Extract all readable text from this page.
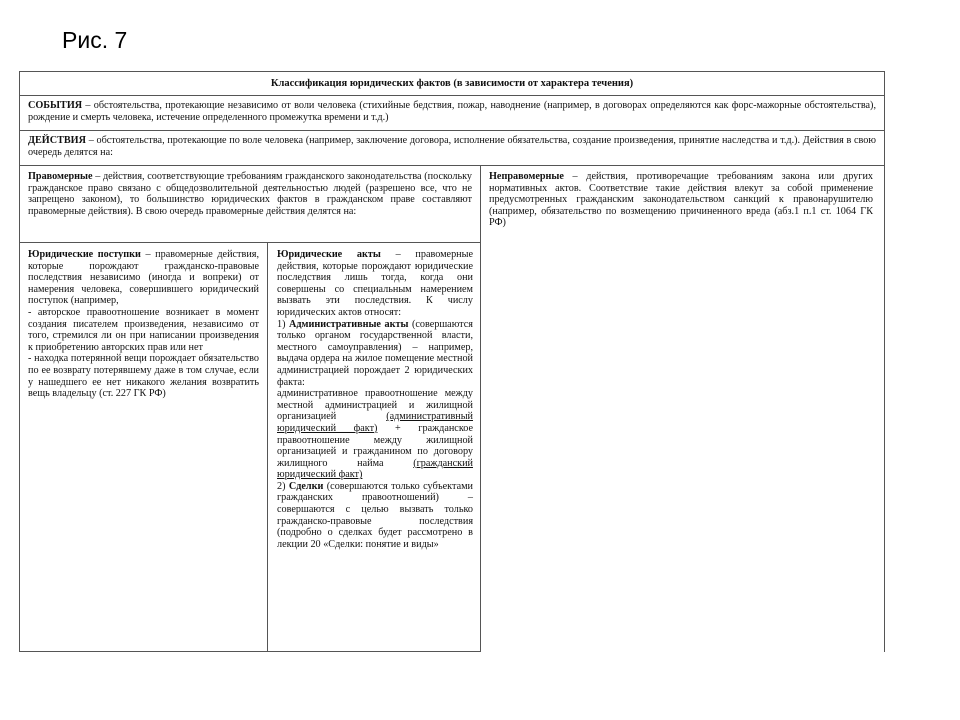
Рис. 7
Классификация юридических фактов (в зависимости от характера течения)
СОБЫТИЯ – обстоятельства, протекающие независимо от воли человека (стихийные бедствия, пожар, наводнение (например, в договорах определяются как форс-мажорные обстоятельства), рождение и смерть человека, истечение определенного промежутка времени и т.д.)
ДЕЙСТВИЯ – обстоятельства, протекающие по воле человека (например, заключение договора, исполнение обязательства, создание произведения, принятие наследства и т.д.). Действия в свою очередь делятся на:
Правомерные – действия, соответствующие требованиям гражданского законодательства (поскольку гражданское право связано с общедозволительной деятельностью людей (разрешено все, что не запрещено законом), то большинство юридических фактов в гражданском праве составляют правомерные действия). В свою очередь правомерные действия делятся на:
Неправомерные – действия, противоречащие требованиям закона или других нормативных актов. Соответствие такие действия влекут за собой применение предусмотренных гражданским законодательством санкций к правонарушителю (например, обязательство по возмещению причиненного вреда (абз.1 п.1 ст. 1064 ГК РФ)

Юридические поступки – правомерные действия, которые порождают гражданско-правовые последствия независимо (иногда и вопреки) от намерения человека, совершившего юридический поступок (например,

- авторское правоотношение возникает в момент создания писателем произведения, независимо от того, стремился ли он при написании произведения к приобретению авторских прав или нет

- находка потерянной вещи порождает обязательство по ее возврату потерявшему даже в том случае, если у нашедшего ее нет никакого желания возвратить вещь владельцу (ст. 227 ГК РФ)

Юридические акты – правомерные действия, которые порождают юридические последствия лишь тогда, когда они совершены со специальным намерением вызвать эти последствия. К числу юридических актов относят:

1) Административные акты (совершаются только органом государственной власти, местного самоуправления) – например, выдача ордера на жилое помещение местной администрацией порождает 2 юридических факта:

административное правоотношение между местной администрацией и жилищной организацией (административный юридический факт) + гражданское правоотношение между жилищной организацией и гражданином по договору жилищного найма (гражданский юридический факт)

2) Сделки (совершаются только субъектами гражданских правоотношений) – совершаются с целью вызвать только гражданско-правовые последствия (подробно о сделках будет рассмотрено в лекции 20 «Сделки: понятие и виды»
